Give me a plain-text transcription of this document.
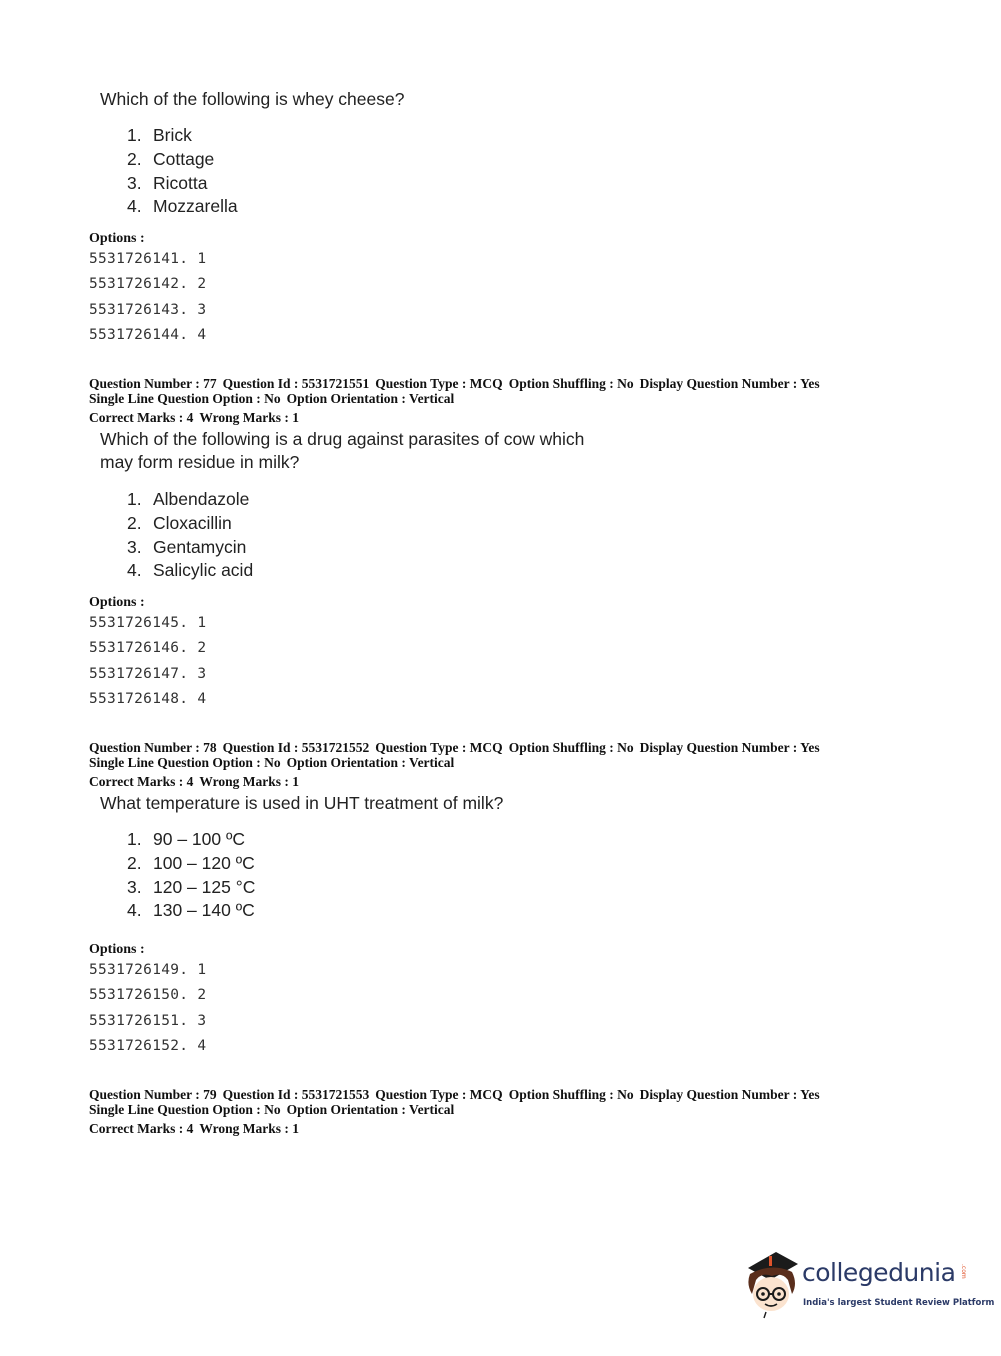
Which of the following is whey cheese?
1. Brick
2. Cottage
3. Ricotta
4. Mozzarella
Options :
5531726141. 1
5531726142. 2
5531726143. 3
5531726144. 4
Question Number : 77 Question Id : 5531721551 Question Type : MCQ Option Shuffling : No Display Question Number : Yes
Single Line Question Option : No Option Orientation : Vertical
Correct Marks : 4 Wrong Marks : 1
Which of the following is a drug against parasites of cow which
may form residue in milk?
1. Albendazole
2. Cloxacillin
3. Gentamycin
4. Salicylic acid
Options :
5531726145. 1
5531726146. 2
5531726147. 3
5531726148. 4
Question Number : 78 Question Id : 5531721552 Question Type : MCQ Option Shuffling : No Display Question Number : Yes
Single Line Question Option : No Option Orientation : Vertical
Correct Marks : 4 Wrong Marks : 1
What temperature is used in UHT treatment of milk?
1. 90 – 100 ºC
2. 100 – 120 ºC
3. 120 – 125 °C
4. 130 – 140 ºC
Options :
5531726149. 1
5531726150. 2
5531726151. 3
5531726152. 4
Question Number : 79 Question Id : 5531721553 Question Type : MCQ Option Shuffling : No Display Question Number : Yes
Single Line Question Option : No Option Orientation : Vertical
Correct Marks : 4 Wrong Marks : 1
collegedunia .com
India's largest Student Review Platform
